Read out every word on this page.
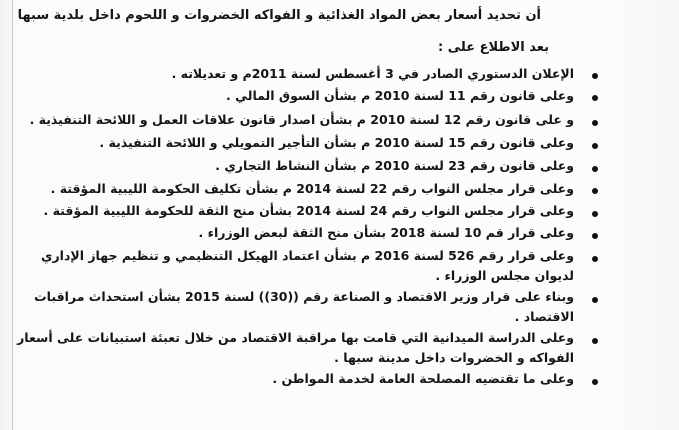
أن تحديد أسعار بعض المواد الغذائية و الفواكه الخضروات و اللحوم داخل بلدية سبها
بعد الاطلاع على :
الإعلان الدستوري الصادر في 3 أغسطس لسنة 2011م و تعديلاته .
وعلى قانون رقم 11 لسنة 2010 م بشأن السوق المالي .
و على قانون رقم 12 لسنة 2010 م بشأن اصدار قانون علاقات العمل و اللائحة التنفيذية .
وعلى قانون رقم 15 لسنة 2010 م بشأن التأجير التمويلي و اللائحة التنفيذية .
وعلى قانون رقم 23 لسنة 2010 م بشأن النشاط التجاري .
وعلى قرار مجلس النواب رقم 22 لسنة 2014 م بشأن تكليف الحكومة الليبية المؤقتة .
وعلى قرار مجلس النواب رقم 24 لسنة 2014 بشأن منح الثقة للحكومة الليبية المؤقتة .
وعلى قرار قم 10 لسنة 2018 بشأن منح الثقة لبعض الوزراء .
وعلى قرار رقم 526 لسنة 2016 م بشأن اعتماد الهيكل التنظيمي و تنظيم جهاز الإداري
لديوان مجلس الوزراء .
وبناء على قرار وزير الاقتصاد و الصناعة رقم ((30)) لسنة 2015 بشأن استحداث مراقبات
الاقتصاد .
وعلى الدراسة الميدانية التي قامت بها مراقبة الاقتصاد من خلال تعبئة استبيانات على أسعار
الفواكه و الخضروات داخل مدينة سبها .
وعلى ما تقتضيه المصلحة العامة لخدمة المواطن .
